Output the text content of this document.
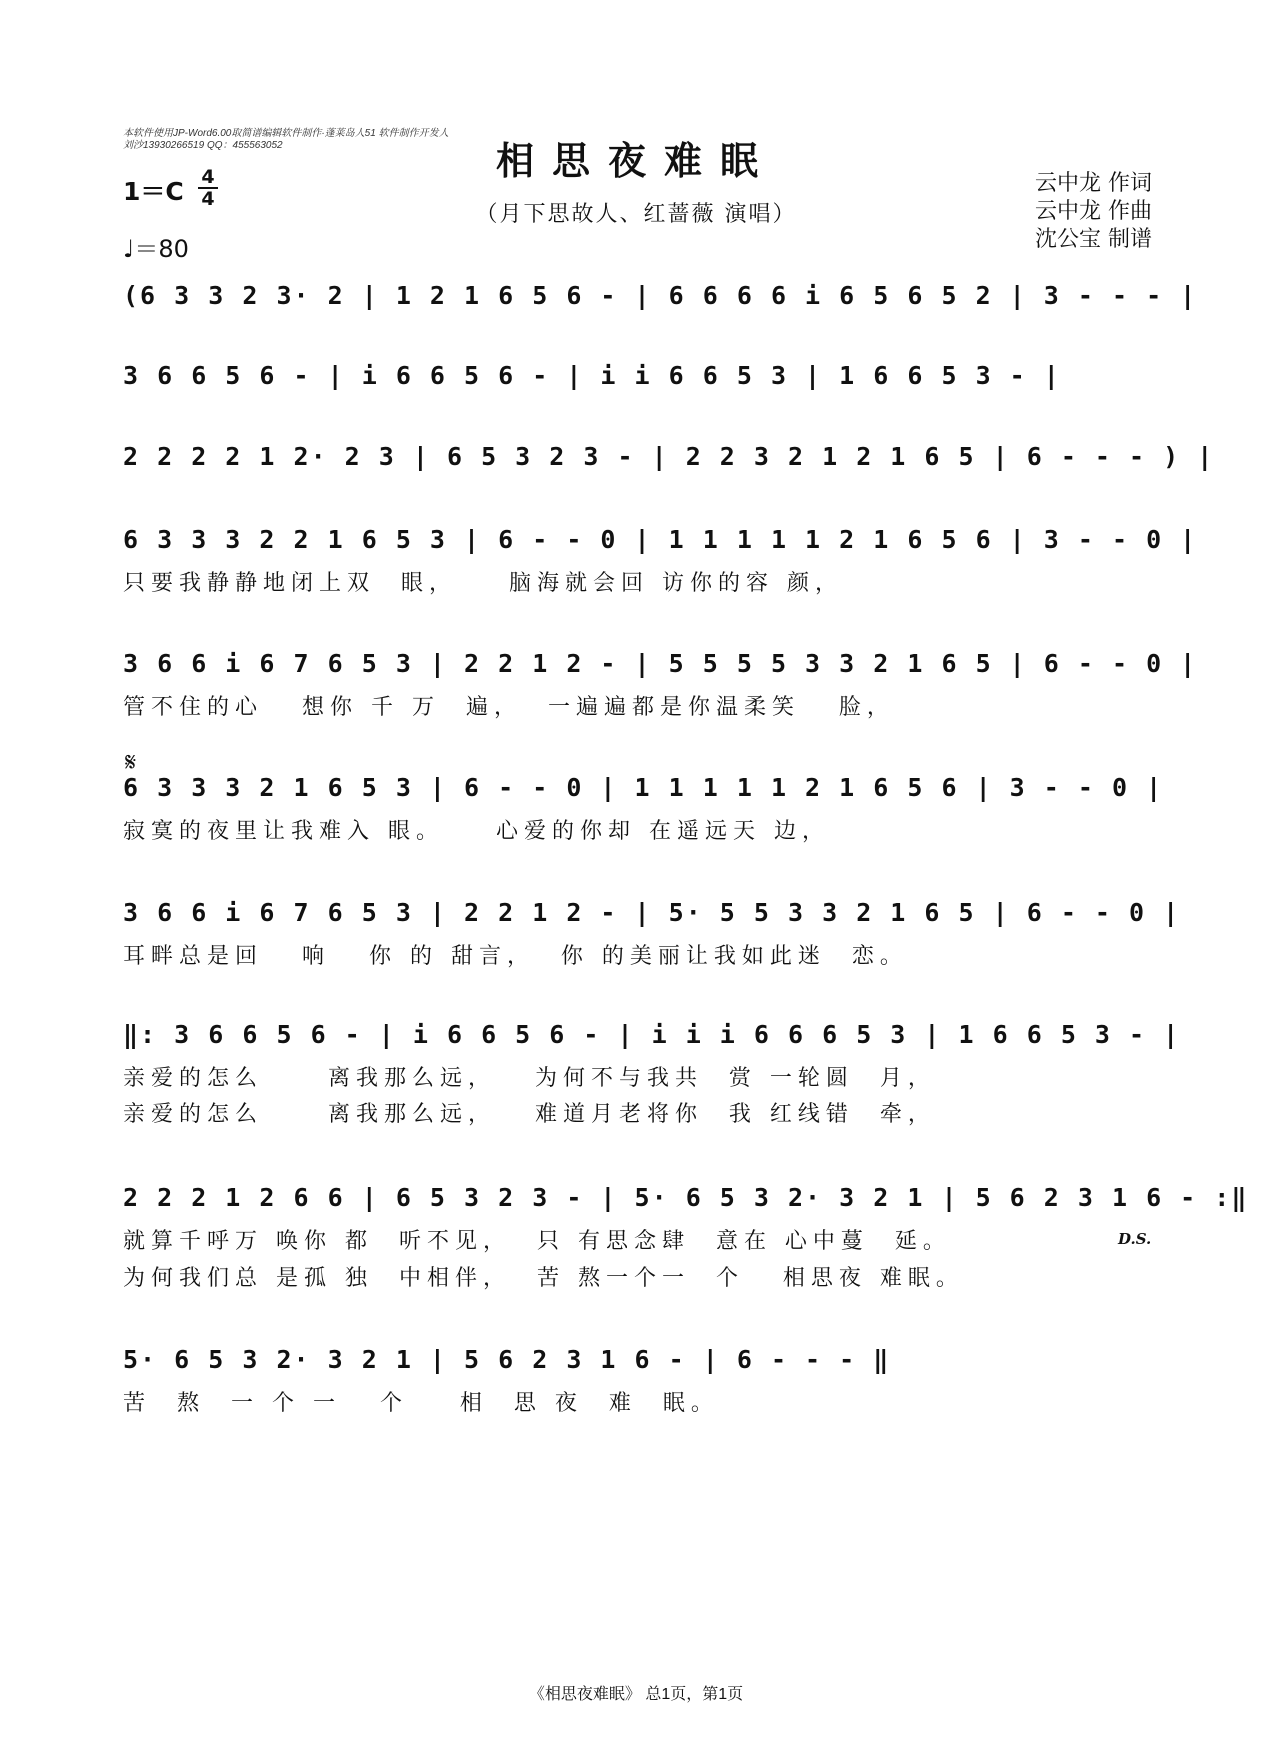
本软件使用JP-Word6.00取简谱编辑软件制作·蓬莱岛人51 软件制作开发人 刘沙13930266519 QQ：455563052	相思夜难眠
（月下思故人、红蔷薇 演唱）
云中龙 作词
云中龙 作曲
沈公宝 制谱
1＝C 4
4
♩＝80
(6 3 3 2 3· 2 | 1 2 1 6 5 6 - | 6 6 6 6 i 6 5 6 5 2 | 3 - - - |
3 6 6 5 6 - | i 6 6 5 6 - | i i 6 6 5 3 | 1 6 6 5 3 - |
2 2 2 2 1 2· 2 3 | 6 5 3 2 3 - | 2 2 3 2 1 2 1 6 5 | 6 - - - ) |
6 3 3 3 2 2 1 6 5 3 | 6 - - 0 | 1 1 1 1 1 2 1 6 5 6 | 3 - - 0 |
只要我静静地闭上双  眼，    脑海就会回 访你的容 颜，
3 6 6 i 6 7 6 5 3 | 2 2 1 2 - | 5 5 5 5 3 3 2 1 6 5 | 6 - - 0 |
管不住的心   想你 千 万  遍，  一遍遍都是你温柔笑   脸，
𝄋
6 3 3 3 2 1 6 5 3 | 6 - - 0 | 1 1 1 1 1 2 1 6 5 6 | 3 - - 0 |
寂寞的夜里让我难入 眼。    心爱的你却 在遥远天 边，
3 6 6 i 6 7 6 5 3 | 2 2 1 2 - | 5· 5 5 3 3 2 1 6 5 | 6 - - 0 |
耳畔总是回   响   你 的 甜言，  你 的美丽让我如此迷  恋。
‖: 3 6 6 5 6 - | i 6 6 5 6 - | i i i 6 6 6 5 3 | 1 6 6 5 3 - |
亲爱的怎么     离我那么远，   为何不与我共  赏 一轮圆  月，
亲爱的怎么     离我那么远，   难道月老将你  我 红线错  牵，
2 2 2 1 2 6 6 | 6 5 3 2 3 - | 5· 6 5 3 2· 3 2 1 | 5 6 2 3 1 6 - :‖
就算千呼万 唤你 都  听不见，  只 有思念肆  意在 心中蔓  延。
为何我们总 是孤 独  中相伴，  苦 熬一个一  个   相思夜 难眠。
D.S.
5· 6 5 3 2· 3 2 1 | 5 6 2 3 1 6 - | 6 - - - ‖
苦  熬  一 个 一   个    相  思 夜  难  眠。
《相思夜难眠》 总1页，第1页
